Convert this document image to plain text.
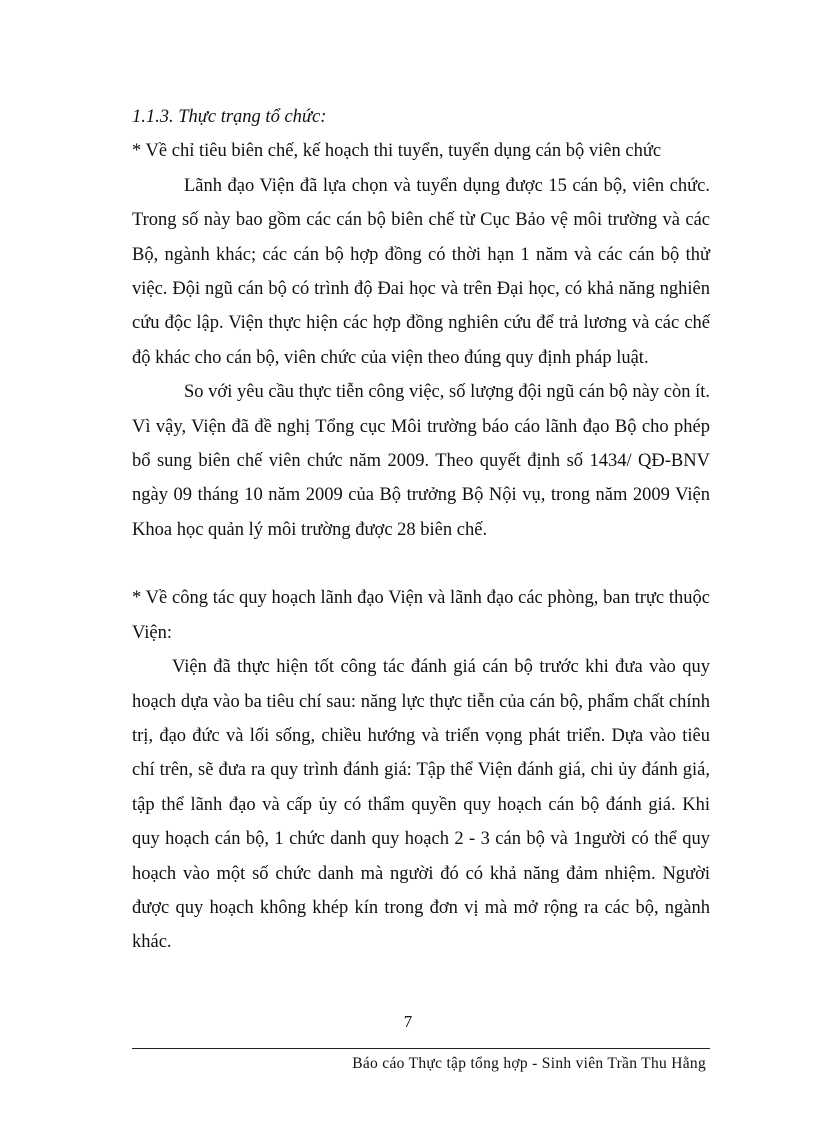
1.1.3. Thực trạng tổ chức:

* Về chỉ tiêu biên chế, kế hoạch thi tuyển, tuyển dụng cán bộ viên chức

Lãnh đạo Viện đã lựa chọn và tuyển dụng được 15 cán bộ, viên chức. Trong số này bao gồm các cán bộ biên chế từ Cục Bảo vệ môi trường và các Bộ, ngành khác; các cán bộ hợp đồng có thời hạn 1 năm và các cán bộ thử việc. Đội ngũ cán bộ có trình độ Đai học và trên Đại học, có khả năng nghiên cứu độc lập. Viện thực hiện các hợp đồng nghiên cứu để trả lương và các chế độ khác cho cán bộ, viên chức của viện theo đúng quy định pháp luật.

So với yêu cầu thực tiễn công việc, số lượng đội ngũ cán bộ này còn ít. Vì vậy, Viện đã đề nghị Tổng cục Môi trường báo cáo lãnh đạo Bộ cho phép bổ sung biên chế viên chức năm 2009. Theo quyết định số 1434/ QĐ-BNV ngày 09 tháng 10 năm 2009 của Bộ trưởng Bộ Nội vụ, trong năm 2009 Viện Khoa học quản lý môi trường được 28 biên chế.

* Về công tác quy hoạch lãnh đạo Viện và lãnh đạo các phòng, ban trực thuộc Viện:

Viện đã thực hiện tốt công tác đánh giá cán bộ trước khi đưa vào quy hoạch dựa vào ba tiêu chí sau: năng lực thực tiễn của cán bộ, phẩm chất chính trị, đạo đức và lối sống, chiều hướng và triển vọng phát triển. Dựa vào tiêu chí trên, sẽ đưa ra quy trình đánh giá: Tập thể Viện đánh giá, chi ủy đánh giá, tập thể lãnh đạo và cấp ủy có thẩm quyền quy hoạch cán bộ đánh giá. Khi quy hoạch cán bộ, 1 chức danh quy hoạch 2 - 3 cán bộ và 1người có thể quy hoạch vào một số chức danh mà người đó có khả năng đảm nhiệm. Người được quy hoạch không khép kín trong đơn vị mà mở rộng ra các bộ, ngành khác.

7
Báo cáo Thực tập tổng hợp - Sinh viên Trần Thu Hằng
